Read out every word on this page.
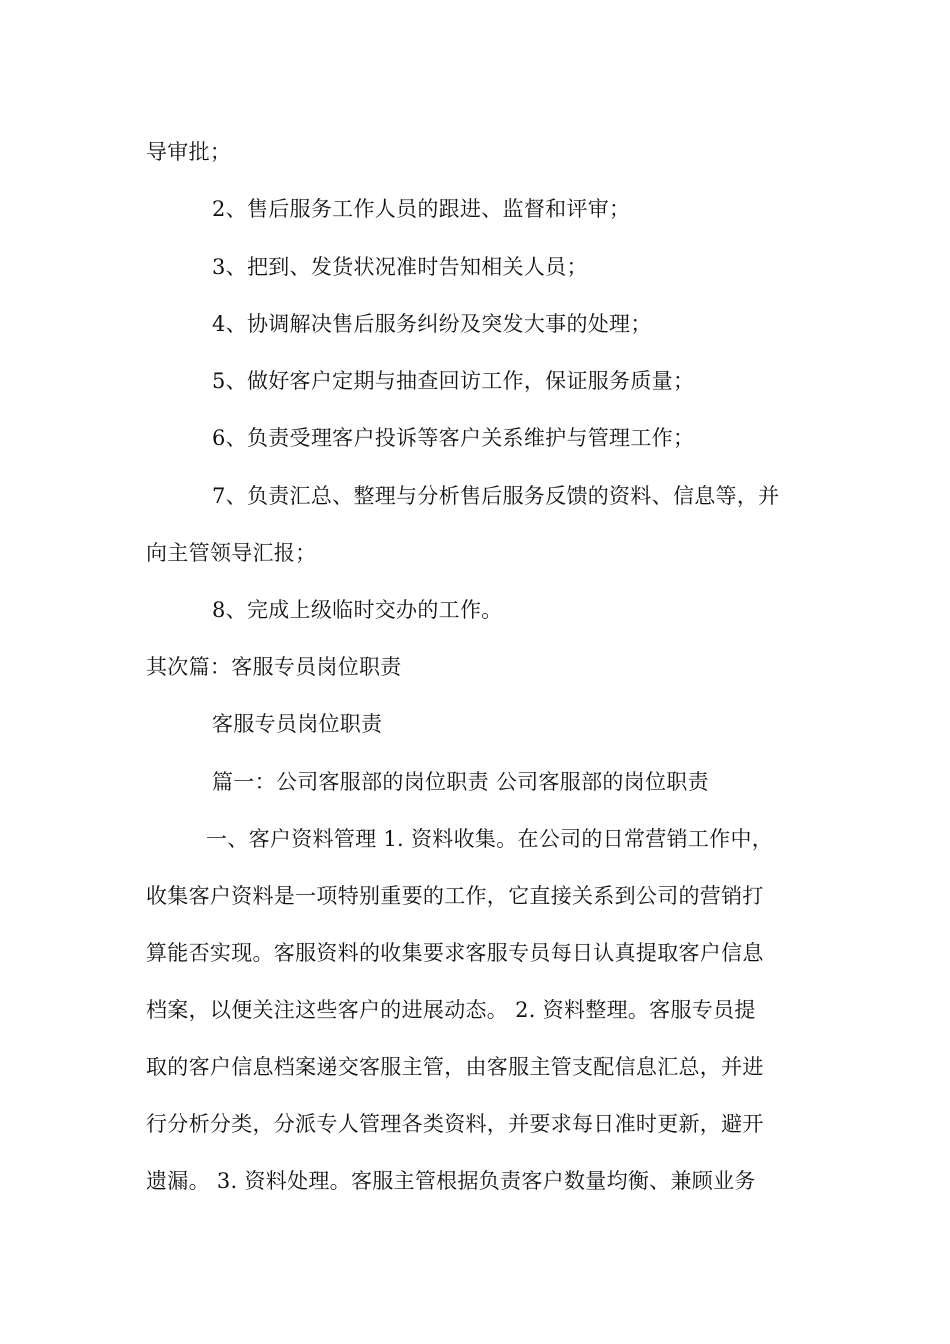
导审批；
2、售后服务工作人员的跟进、监督和评审；
3、把到、发货状况准时告知相关人员；
4、协调解决售后服务纠纷及突发大事的处理；
5、做好客户定期与抽查回访工作，保证服务质量；
6、负责受理客户投诉等客户关系维护与管理工作；
7、负责汇总、整理与分析售后服务反馈的资料、信息等，并
向主管领导汇报；
8、完成上级临时交办的工作。
其次篇：客服专员岗位职责
客服专员岗位职责
篇一：公司客服部的岗位职责 公司客服部的岗位职责
一、客户资料管理 1. 资料收集。在公司的日常营销工作中，
收集客户资料是一项特别重要的工作，它直接关系到公司的营销打
算能否实现。客服资料的收集要求客服专员每日认真提取客户信息
档案，以便关注这些客户的进展动态。 2. 资料整理。客服专员提
取的客户信息档案递交客服主管，由客服主管支配信息汇总，并进
行分析分类，分派专人管理各类资料，并要求每日准时更新，避开
遗漏。 3. 资料处理。客服主管根据负责客户数量均衡、兼顾业务
